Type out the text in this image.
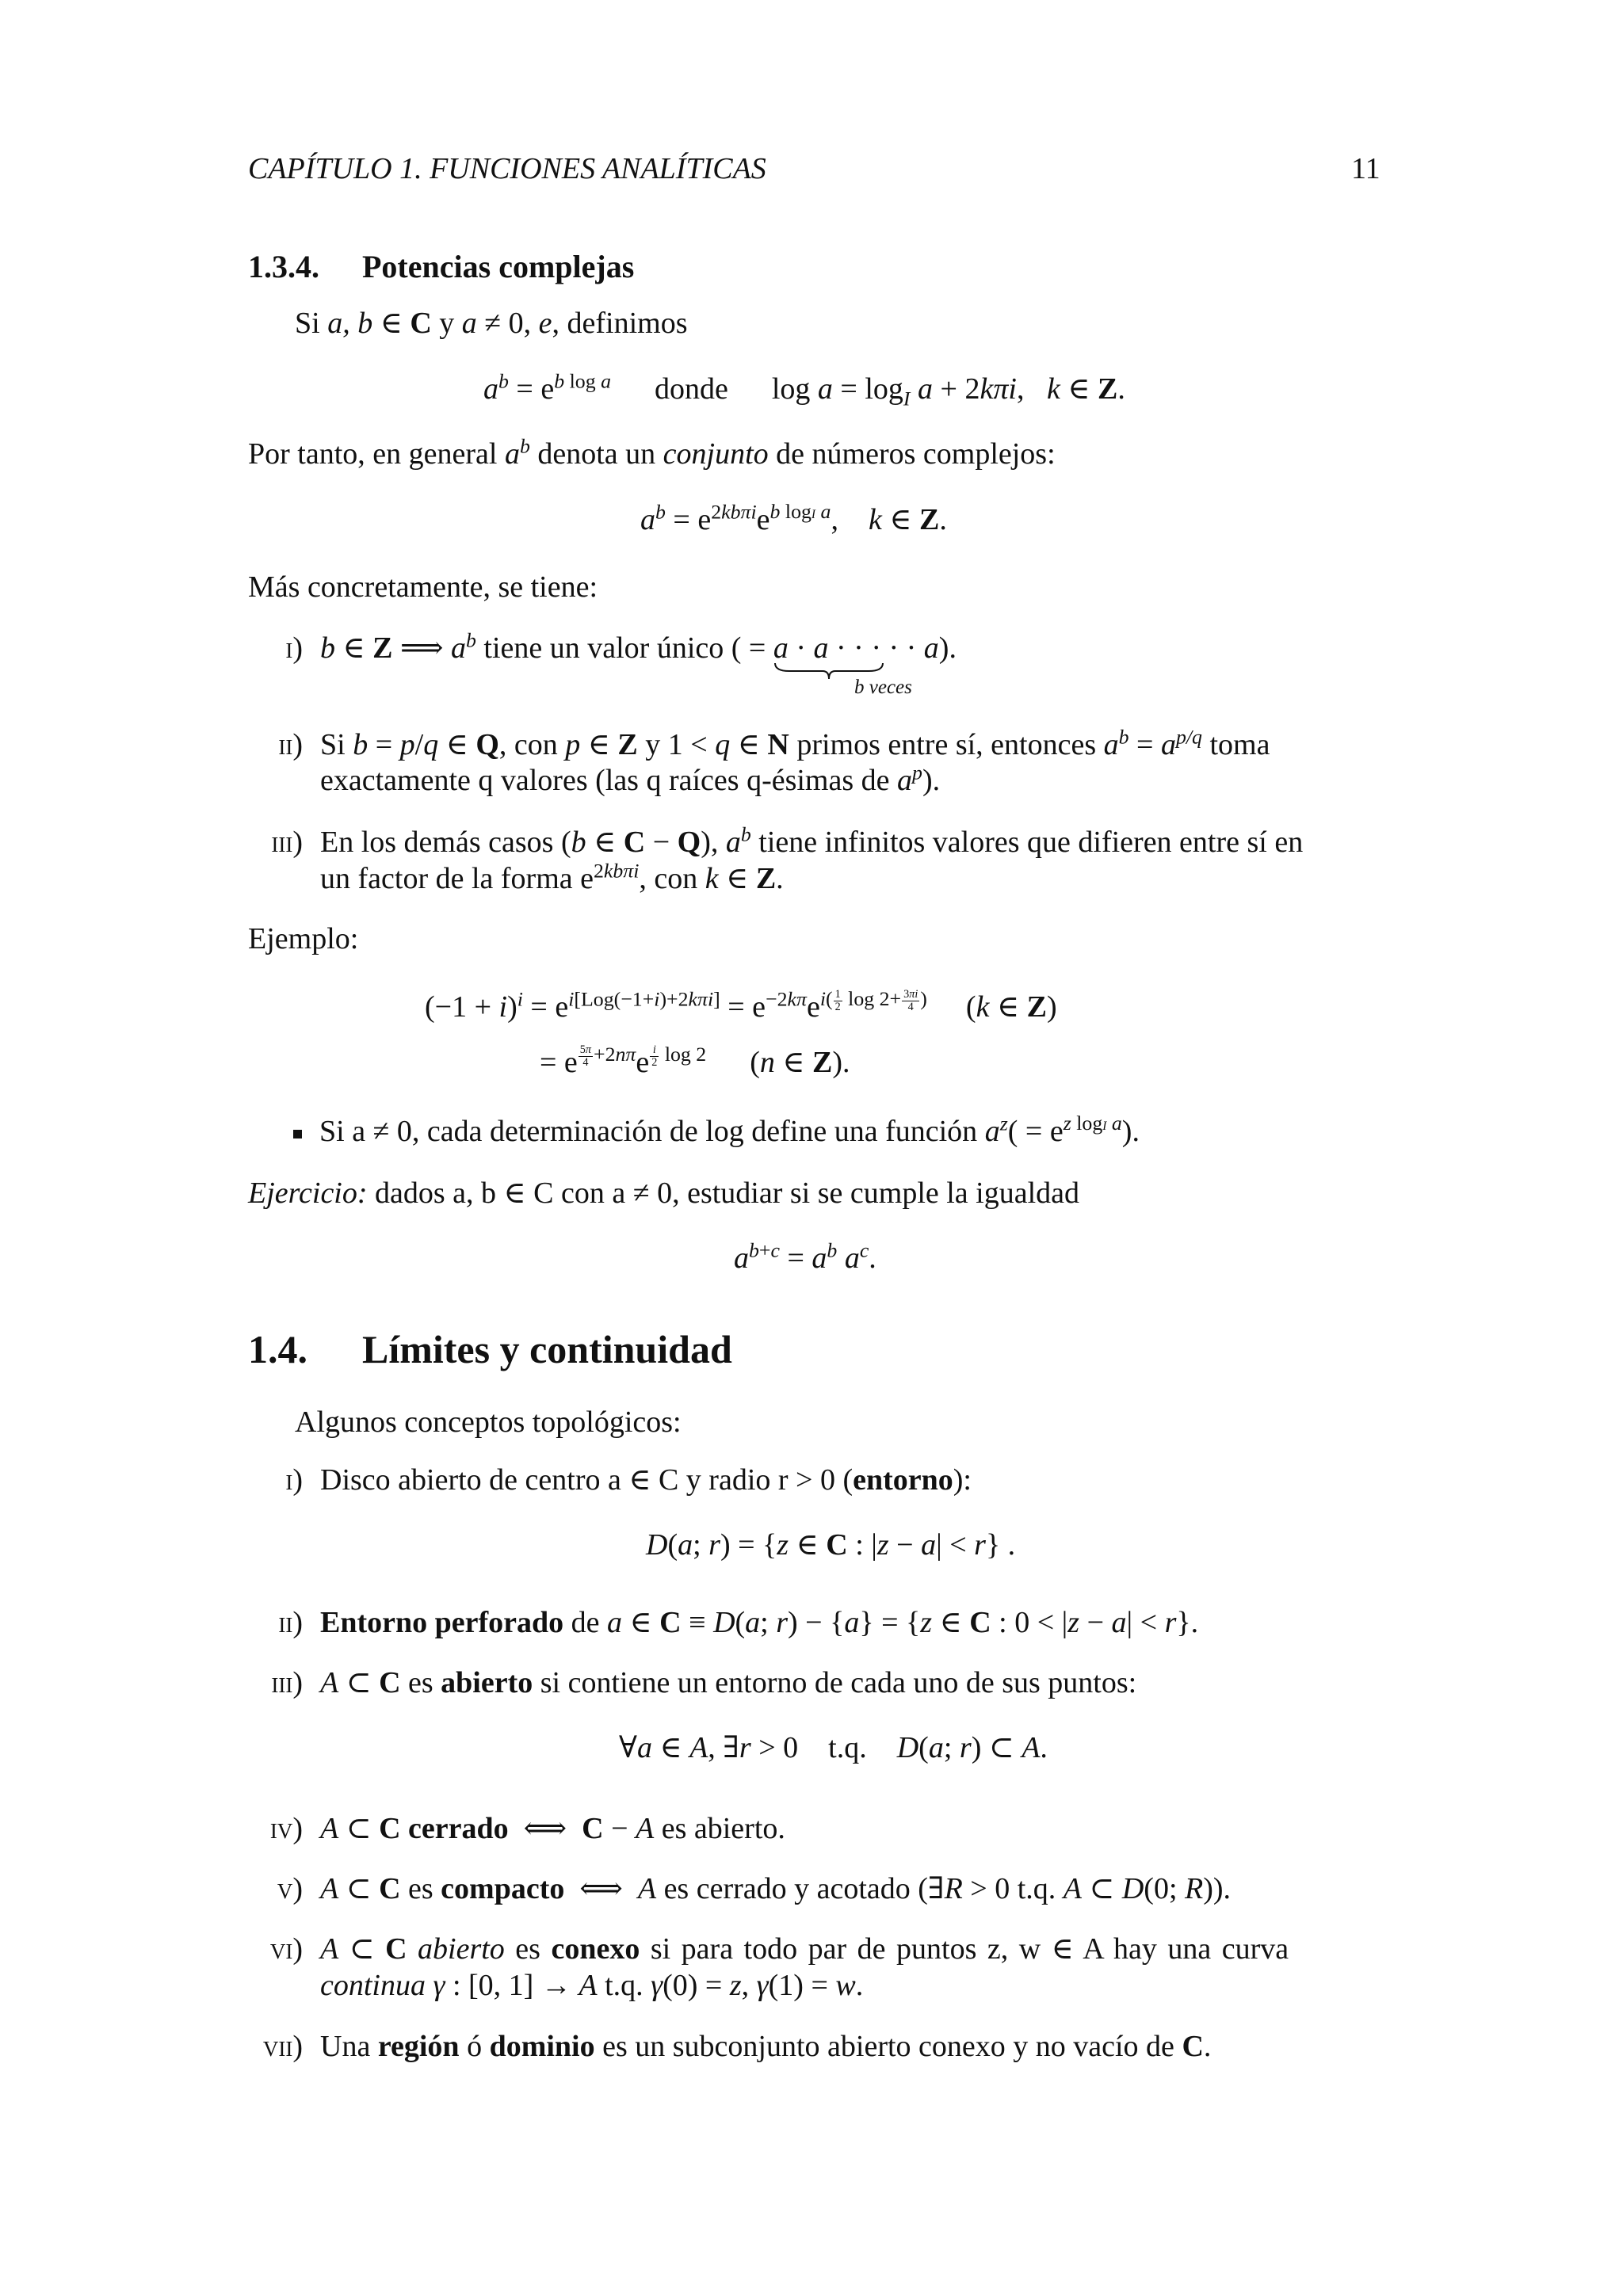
CAPÍTULO 1. FUNCIONES ANALÍTICAS	11
1.3.4. Potencias complejas
Si a, b ∈ C y a ≠ 0, e, definimos
$a^b = e^{b log a}$ donde  $\log a = \log_I a + 2k\pi i$,   k ∈ Z.
Por tanto, en general $a^b$ denota un conjunto de números complejos:
$a^b = e^{2kb\pi i}e^{b logI a}$,    k ∈ Z.
Más concretamente, se tiene:
i) b ∈ Z ⟹ $a^b$ tiene un valor único ( = a · a · · · · · a
).
b veces
ii) Si b = p/q ∈ Q, con p ∈ Z y 1 < q ∈ N primos entre sí, entonces $a^b = a^{p/q}$ toma
exactamente q valores (las q raíces q-ésimas de $a^p$).
iii) En los demás casos (b ∈ C − Q), $a^b$ tiene infinitos valores que difieren entre sí en
un factor de la forma $e^{2kb\pi i}$, con k ∈ Z.
Ejemplo:
$(-1 + i)^i = e^{i[Log(-1+i)+2k\pi i]} = e^{-2k\pi}e^{i( \frac{1}{2} log 2+ \frac{3\pi i}{4} )}$  (k ∈ Z)
= e $^{\frac{5\pi}{4} +2n\pi}$e $^{\frac{i}{2} log 2}$  (n ∈ Z).
Si a ≠ 0, cada determinación de log define una función $a^z( = e^{z logI a})$.
Ejercicio: dados a, b ∈ C con a ≠ 0, estudiar si se cumple la igualdad
$a^{b+c} = a^b$ $a^c$.
1.4. Límites y continuidad
Algunos conceptos topológicos:
i) Disco abierto de centro a ∈ C y radio r > 0 (entorno):
D(a; r) = {z ∈ C : |z − a| < r} .
ii) Entorno perforado de a ∈ C ≡ D(a; r) − {a} = {z ∈ C : 0 < |z − a| < r}.
iii) A ⊂ C es abierto si contiene un entorno de cada uno de sus puntos:
∀a ∈ A, ∃r > 0    t.q.    D(a; r) ⊂ A.
iv) A ⊂ C cerrado  ⟺  C − A es abierto.
v) A ⊂ C es compacto  ⟺  A es cerrado y acotado (∃R > 0 t.q. A ⊂ D(0; R)).
vi) A ⊂ C abierto es conexo si para todo par de puntos z, w ∈ A hay una curva
continua γ : [0, 1] → A t.q. γ(0) = z, γ(1) = w.
vii) Una región ó dominio es un subconjunto abierto conexo y no vacío de C.
